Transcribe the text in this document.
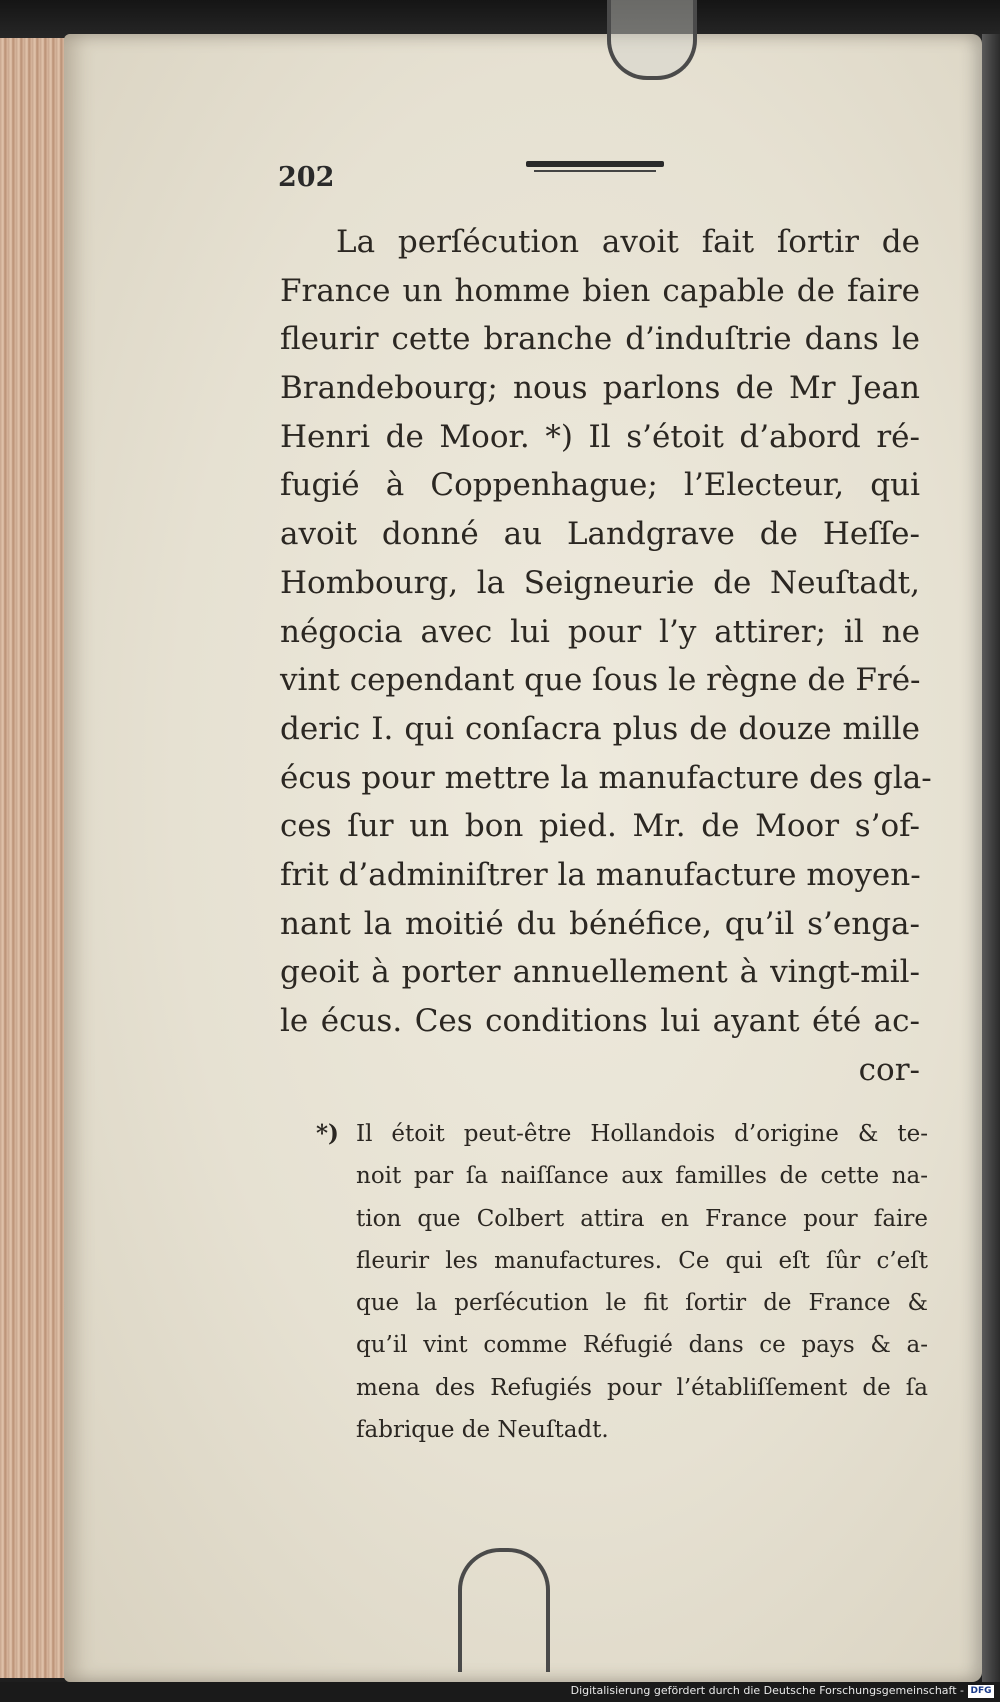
202
La perſécution avoit fait ſortir de
France un homme bien capable de faire
fleurir cette branche d’induſtrie dans le
Brandebourg; nous parlons de Mr Jean
Henri de Moor. *) Il s’étoit d’abord ré-
fugié à Coppenhague; l’Electeur, qui
avoit donné au Landgrave de Heſſe-
Hombourg, la Seigneurie de Neuſtadt,
négocia avec lui pour l’y attirer; il ne
vint cependant que ſous le règne de Fré-
deric I. qui conſacra plus de douze mille
écus pour mettre la manufacture des gla-
ces ſur un bon pied. Mr. de Moor s’of-
frit d’adminiſtrer la manufacture moyen-
nant la moitié du bénéfice, qu’il s’enga-
geoit à porter annuellement à vingt-mil-
le écus. Ces conditions lui ayant été ac-
cor-
*) Il étoit peut-être Hollandois d’origine & te-
noit par ſa naiſſance aux familles de cette na-
tion que Colbert attira en France pour faire
fleurir les manufactures. Ce qui eſt ſûr c’eſt
que la perſécution le fit ſortir de France &
qu’il vint comme Réfugié dans ce pays & a-
mena des Refugiés pour l’établiſſement de ſa
fabrique de Neuſtadt.
Digitalisierung gefördert durch die Deutsche Forschungsgemeinschaft - DFG
